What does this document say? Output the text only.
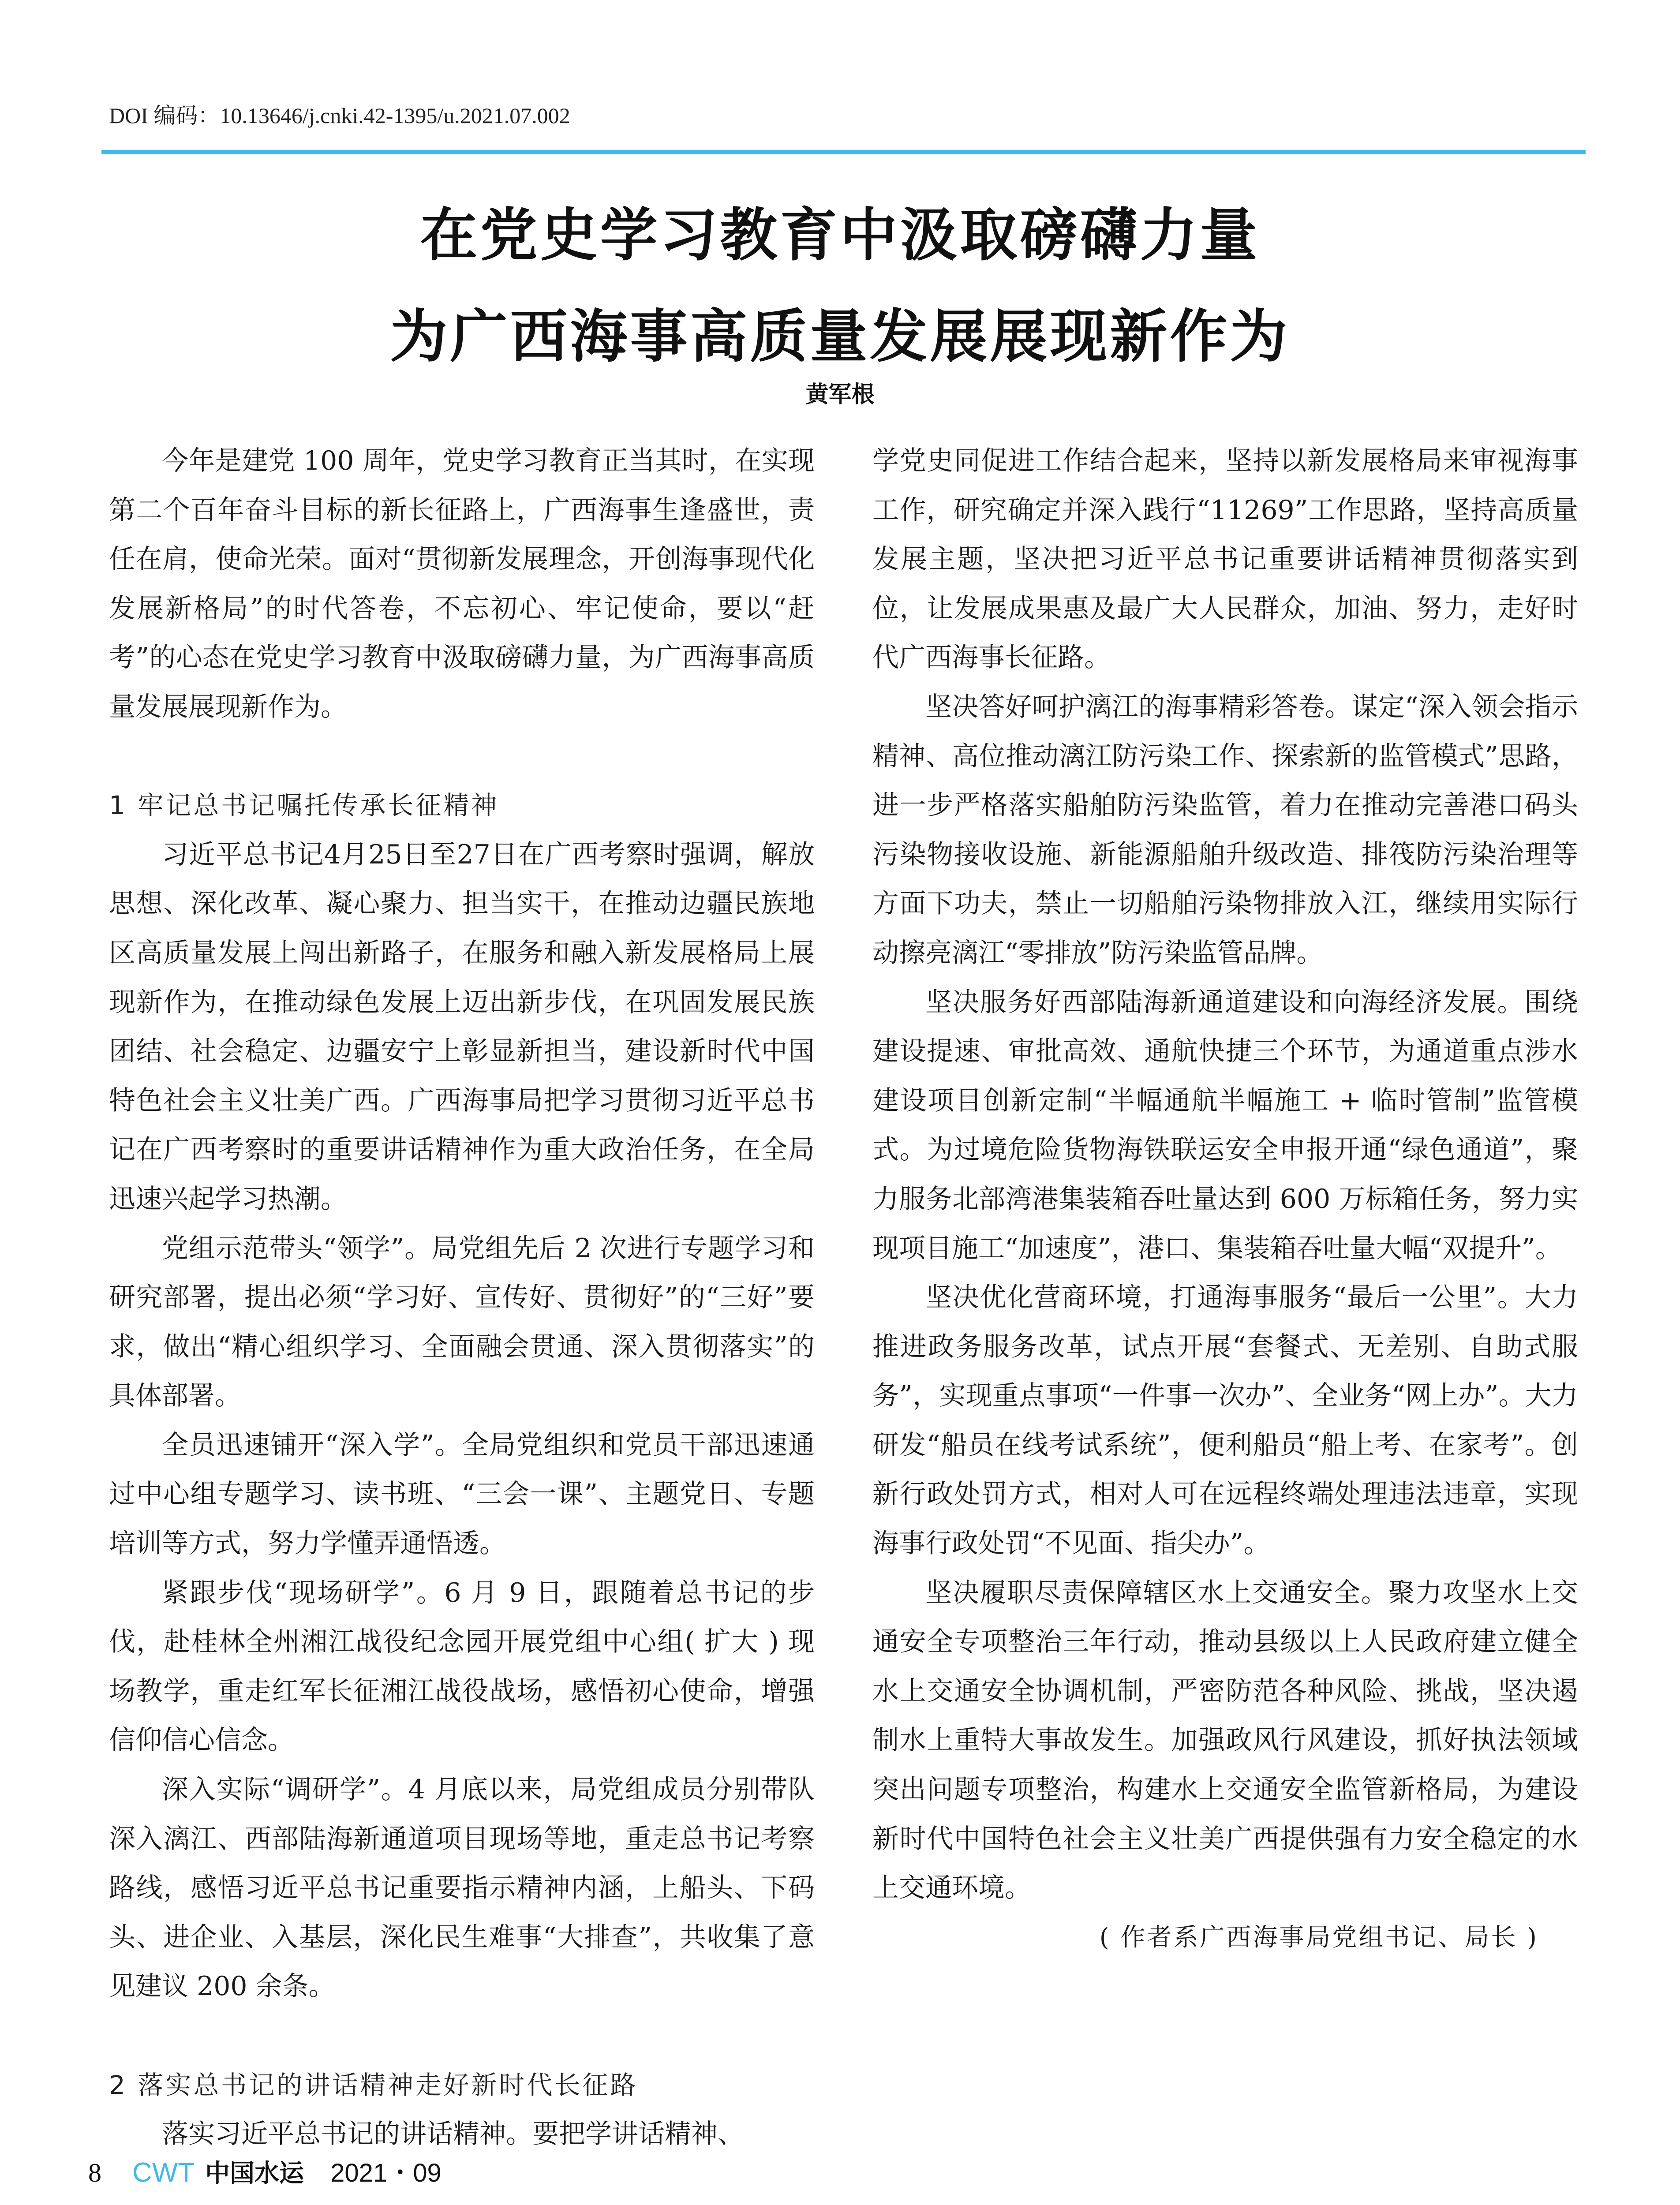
DOI 编码：10.13646/j.cnki.42-1395/u.2021.07.002
在党史学习教育中汲取磅礴力量
为广西海事高质量发展展现新作为
黄军根

今年是建党 100 周年，党史学习教育正当其时，在实现第二个百年奋斗目标的新长征路上，广西海事生逢盛世，责任在肩，使命光荣。面对“贯彻新发展理念，开创海事现代化发展新格局”的时代答卷，不忘初心、牢记使命，要以“赶考”的心态在党史学习教育中汲取磅礴力量，为广西海事高质量发展展现新作为。

1 牢记总书记嘱托传承长征精神

习近平总书记4月25日至27日在广西考察时强调，解放思想、深化改革、凝心聚力、担当实干，在推动边疆民族地区高质量发展上闯出新路子，在服务和融入新发展格局上展现新作为，在推动绿色发展上迈出新步伐，在巩固发展民族团结、社会稳定、边疆安宁上彰显新担当，建设新时代中国特色社会主义壮美广西。广西海事局把学习贯彻习近平总书记在广西考察时的重要讲话精神作为重大政治任务，在全局迅速兴起学习热潮。

党组示范带头“领学”。局党组先后 2 次进行专题学习和研究部署，提出必须“学习好、宣传好、贯彻好”的“三好”要求，做出“精心组织学习、全面融会贯通、深入贯彻落实”的具体部署。

全员迅速铺开“深入学”。全局党组织和党员干部迅速通过中心组专题学习、读书班、“三会一课”、主题党日、专题培训等方式，努力学懂弄通悟透。

紧跟步伐“现场研学”。6 月 9 日，跟随着总书记的步伐，赴桂林全州湘江战役纪念园开展党组中心组( 扩大 ) 现场教学，重走红军长征湘江战役战场，感悟初心使命，增强信仰信心信念。

深入实际“调研学”。4 月底以来，局党组成员分别带队深入漓江、西部陆海新通道项目现场等地，重走总书记考察路线，感悟习近平总书记重要指示精神内涵，上船头、下码头、进企业、入基层，深化民生难事“大排查”，共收集了意见建议 200 余条。

2 落实总书记的讲话精神走好新时代长征路

落实习近平总书记的讲话精神。要把学讲话精神、

学党史同促进工作结合起来，坚持以新发展格局来审视海事工作，研究确定并深入践行“11269”工作思路，坚持高质量发展主题，坚决把习近平总书记重要讲话精神贯彻落实到位，让发展成果惠及最广大人民群众，加油、努力，走好时代广西海事长征路。

坚决答好呵护漓江的海事精彩答卷。谋定“深入领会指示精神、高位推动漓江防污染工作、探索新的监管模式”思路，进一步严格落实船舶防污染监管，着力在推动完善港口码头污染物接收设施、新能源船舶升级改造、排筏防污染治理等方面下功夫，禁止一切船舶污染物排放入江，继续用实际行动擦亮漓江“零排放”防污染监管品牌。

坚决服务好西部陆海新通道建设和向海经济发展。围绕建设提速、审批高效、通航快捷三个环节，为通道重点涉水建设项目创新定制“半幅通航半幅施工 + 临时管制”监管模式。为过境危险货物海铁联运安全申报开通“绿色通道”，聚力服务北部湾港集装箱吞吐量达到 600 万标箱任务，努力实现项目施工“加速度”，港口、集装箱吞吐量大幅“双提升”。

坚决优化营商环境，打通海事服务“最后一公里”。大力推进政务服务改革，试点开展“套餐式、无差别、自助式服务”，实现重点事项“一件事一次办”、全业务“网上办”。大力研发“船员在线考试系统”，便利船员“船上考、在家考”。创新行政处罚方式，相对人可在远程终端处理违法违章，实现海事行政处罚“不见面、指尖办”。

坚决履职尽责保障辖区水上交通安全。聚力攻坚水上交通安全专项整治三年行动，推动县级以上人民政府建立健全水上交通安全协调机制，严密防范各种风险、挑战，坚决遏制水上重特大事故发生。加强政风行风建设，抓好执法领域突出问题专项整治，构建水上交通安全监管新格局，为建设新时代中国特色社会主义壮美广西提供强有力安全稳定的水上交通环境。

( 作者系广西海事局党组书记、局长 )
8 CWT 中国水运 2021・09
